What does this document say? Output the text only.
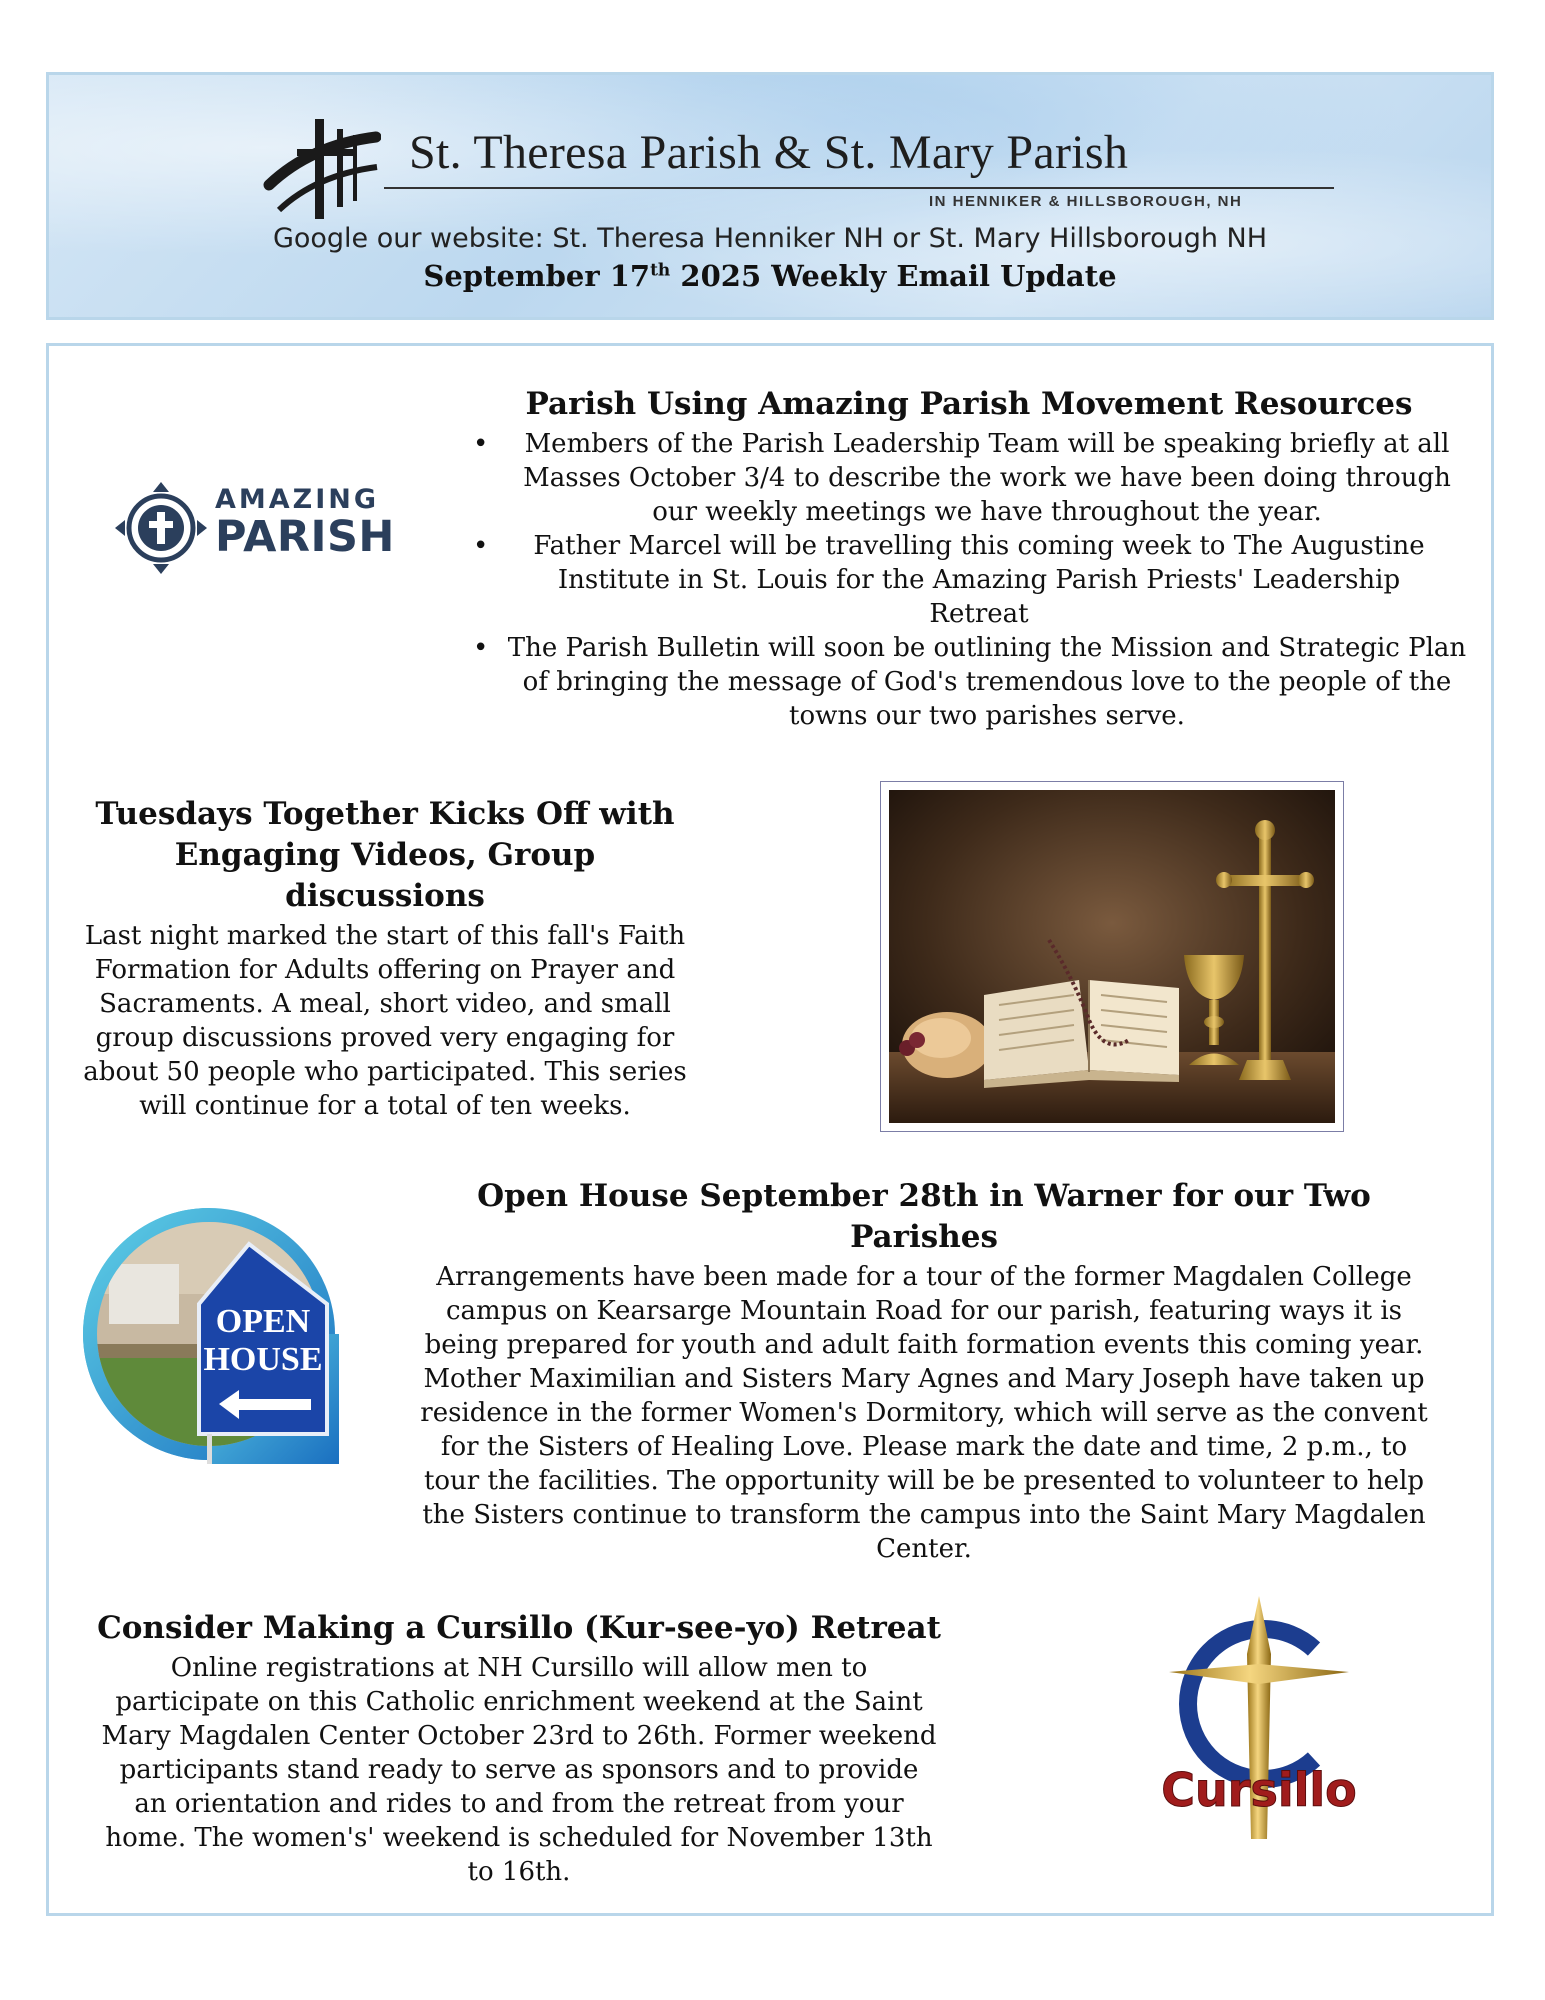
St. Theresa Parish & St. Mary Parish
IN HENNIKER & HILLSBOROUGH, NH
Google our website: St. Theresa Henniker NH or St. Mary Hillsborough NH
September 17th 2025 Weekly Email Update
AMAZING
PARISH
Parish Using Amazing Parish Movement Resources
• Members of the Parish Leadership Team will be speaking briefly at all Masses October 3/4 to describe the work we have been doing through our weekly meetings we have throughout the year.
• Father Marcel will be travelling this coming week to The Augustine Institute in St. Louis for the Amazing Parish Priests' Leadership Retreat
• The Parish Bulletin will soon be outlining the Mission and Strategic Plan of bringing the message of God's tremendous love to the people of the towns our two parishes serve.
Tuesdays Together Kicks Off with Engaging Videos, Group discussions

Last night marked the start of this fall's Faith Formation for Adults offering on Prayer and Sacraments. A meal, short video, and small group discussions proved very engaging for about 50 people who participated. This series will continue for a total of ten weeks.

OPEN
HOUSE
Open House September 28th in Warner for our Two Parishes

Arrangements have been made for a tour of the former Magdalen College campus on Kearsarge Mountain Road for our parish, featuring ways it is being prepared for youth and adult faith formation events this coming year. Mother Maximilian and Sisters Mary Agnes and Mary Joseph have taken up residence in the former Women's Dormitory, which will serve as the convent for the Sisters of Healing Love. Please mark the date and time, 2 p.m., to tour the facilities. The opportunity will be be presented to volunteer to help the Sisters continue to transform the campus into the Saint Mary Magdalen Center.

Consider Making a Cursillo (Kur-see-yo) Retreat

Online registrations at NH Cursillo will allow men to participate on this Catholic enrichment weekend at the Saint Mary Magdalen Center October 23rd to 26th. Former weekend participants stand ready to serve as sponsors and to provide an orientation and rides to and from the retreat from your home. The women's' weekend is scheduled for November 13th to 16th.

Cursillo
